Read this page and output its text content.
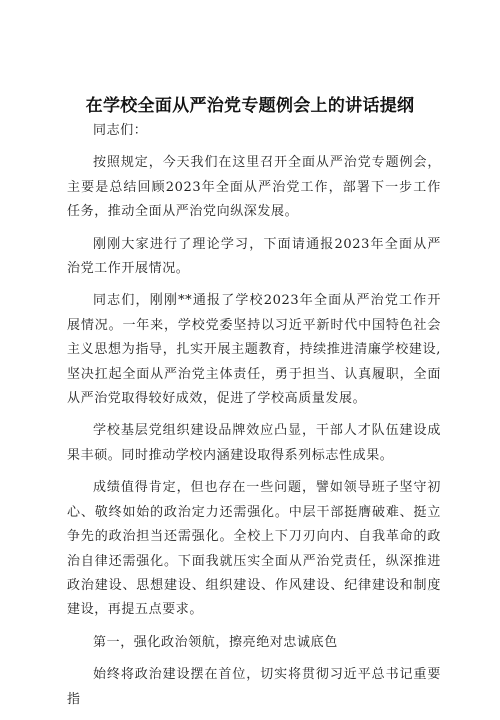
在学校全面从严治党专题例会上的讲话提纲

同志们：

按照规定，今天我们在这里召开全面从严治党专题例会，主要是总结回顾2023年全面从严治党工作，部署下一步工作任务，推动全面从严治党向纵深发展。

刚刚大家进行了理论学习，下面请通报2023年全面从严治党工作开展情况。

同志们，刚刚**通报了学校2023年全面从严治党工作开展情况。一年来，学校党委坚持以习近平新时代中国特色社会主义思想为指导，扎实开展主题教育，持续推进清廉学校建设,坚决扛起全面从严治党主体责任，勇于担当、认真履职，全面从严治党取得较好成效，促进了学校高质量发展。

学校基层党组织建设品牌效应凸显，干部人才队伍建设成果丰硕。同时推动学校内涵建设取得系列标志性成果。

成绩值得肯定，但也存在一些问题，譬如领导班子坚守初心、敬终如始的政治定力还需强化。中层干部挺膺破难、挺立争先的政治担当还需强化。全校上下刀刃向内、自我革命的政治自律还需强化。下面我就压实全面从严治党责任，纵深推进政治建设、思想建设、组织建设、作风建设、纪律建设和制度建设，再提五点要求。

第一，强化政治领航，擦亮绝对忠诚底色

始终将政治建设摆在首位，切实将贯彻习近平总书记重要指
